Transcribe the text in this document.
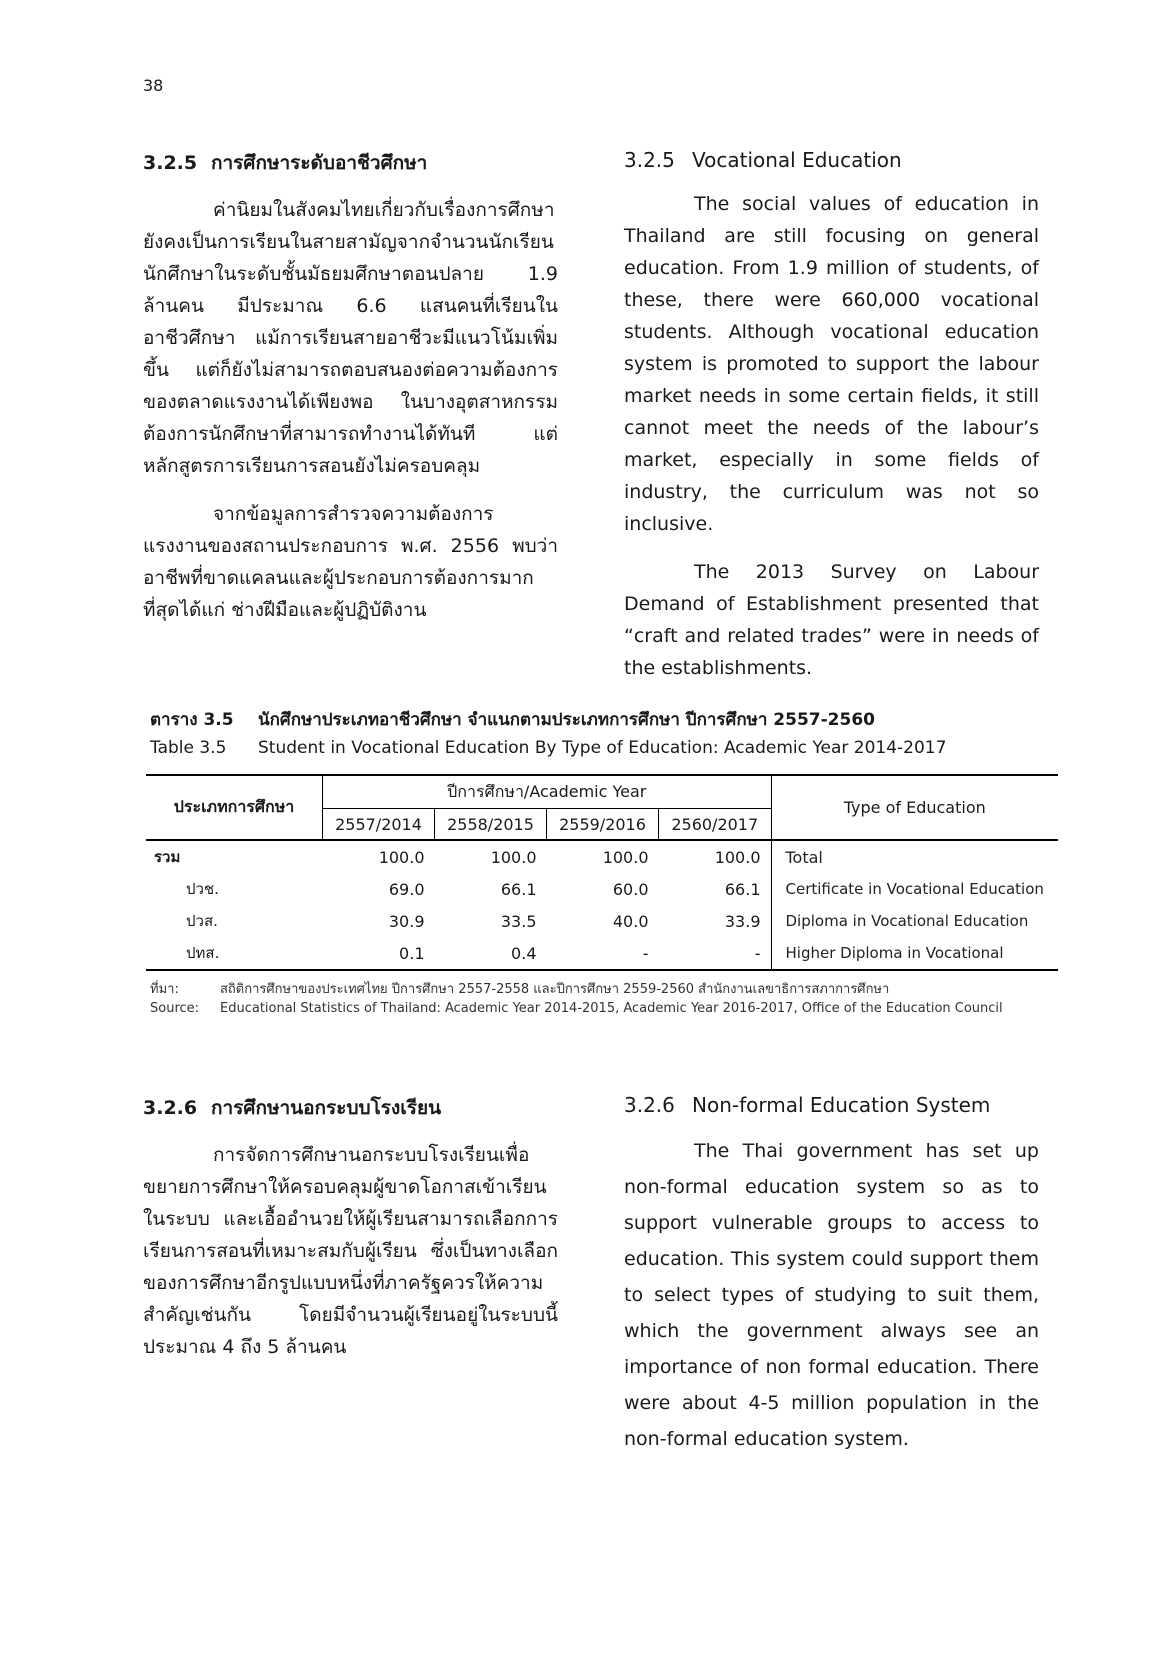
38
3.2.5 การศึกษาระดับอาชีวศึกษา

ค่านิยมในสังคมไทยเกี่ยวกับเรื่องการศึกษายังคงเป็นการเรียนในสายสามัญจากจำนวนนักเรียนนักศึกษาในระดับชั้นมัธยมศึกษาตอนปลาย 1.9 ล้านคน มีประมาณ 6.6 แสนคนที่เรียนในอาชีวศึกษา แม้การเรียนสายอาชีวะมีแนวโน้มเพิ่มขึ้น แต่ก็ยังไม่สามารถตอบสนองต่อความต้องการของตลาดแรงงานได้เพียงพอ ในบางอุตสาหกรรมต้องการนักศึกษาที่สามารถทำงานได้ทันที แต่หลักสูตรการเรียนการสอนยังไม่ครอบคลุม

จากข้อมูลการสำรวจความต้องการแรงงานของสถานประกอบการ พ.ศ. 2556 พบว่า อาชีพที่ขาดแคลนและผู้ประกอบการต้องการมากที่สุดได้แก่ ช่างฝีมือและผู้ปฏิบัติงาน

3.2.5 Vocational Education

The social values of education in Thailand are still focusing on general education. From 1.9 million of students, of these, there were 660,000 vocational students. Although vocational education system is promoted to support the labour market needs in some certain fields, it still cannot meet the needs of the labour’s market, especially in some fields of industry, the curriculum was not so inclusive.

The 2013 Survey on Labour Demand of Establishment presented that “craft and related trades” were in needs of the establishments.

ตาราง 3.5 นักศึกษาประเภทอาชีวศึกษา จำแนกตามประเภทการศึกษา ปีการศึกษา 2557-2560
Table 3.5 Student in Vocational Education By Type of Education: Academic Year 2014-2017
ประเภทการศึกษา	ปีการศึกษา/Academic Year				Type of Education
	2557/2014	2558/2015	2559/2016	2560/2017	
รวม	100.0	100.0	100.0	100.0	Total
ปวช.	69.0	66.1	60.0	66.1	Certificate in Vocational Education
ปวส.	30.9	33.5	40.0	33.9	Diploma in Vocational Education
ปทส.	0.1	0.4	-	-	Higher Diploma in Vocational
ที่มา:	สถิติการศึกษาของประเทศไทย ปีการศึกษา 2557-2558 และปีการศึกษา 2559-2560 สำนักงานเลขาธิการสภาการศึกษา
Source: Educational Statistics of Thailand: Academic Year 2014-2015, Academic Year 2016-2017, Office of the Education Council
3.2.6 การศึกษานอกระบบโรงเรียน

การจัดการศึกษานอกระบบโรงเรียนเพื่อขยายการศึกษาให้ครอบคลุมผู้ขาดโอกาสเข้าเรียนในระบบ และเอื้ออำนวยให้ผู้เรียนสามารถเลือกการเรียนการสอนที่เหมาะสมกับผู้เรียน ซึ่งเป็นทางเลือกของการศึกษาอีกรูปแบบหนึ่งที่ภาครัฐควรให้ความสำคัญเช่นกัน โดยมีจำนวนผู้เรียนอยู่ในระบบนี้ประมาณ 4 ถึง 5 ล้านคน

3.2.6 Non-formal Education System

The Thai government has set up non-formal education system so as to support vulnerable groups to access to education. This system could support them to select types of studying to suit them, which the government always see an importance of non formal education. There were about 4-5 million population in the non-formal education system.
